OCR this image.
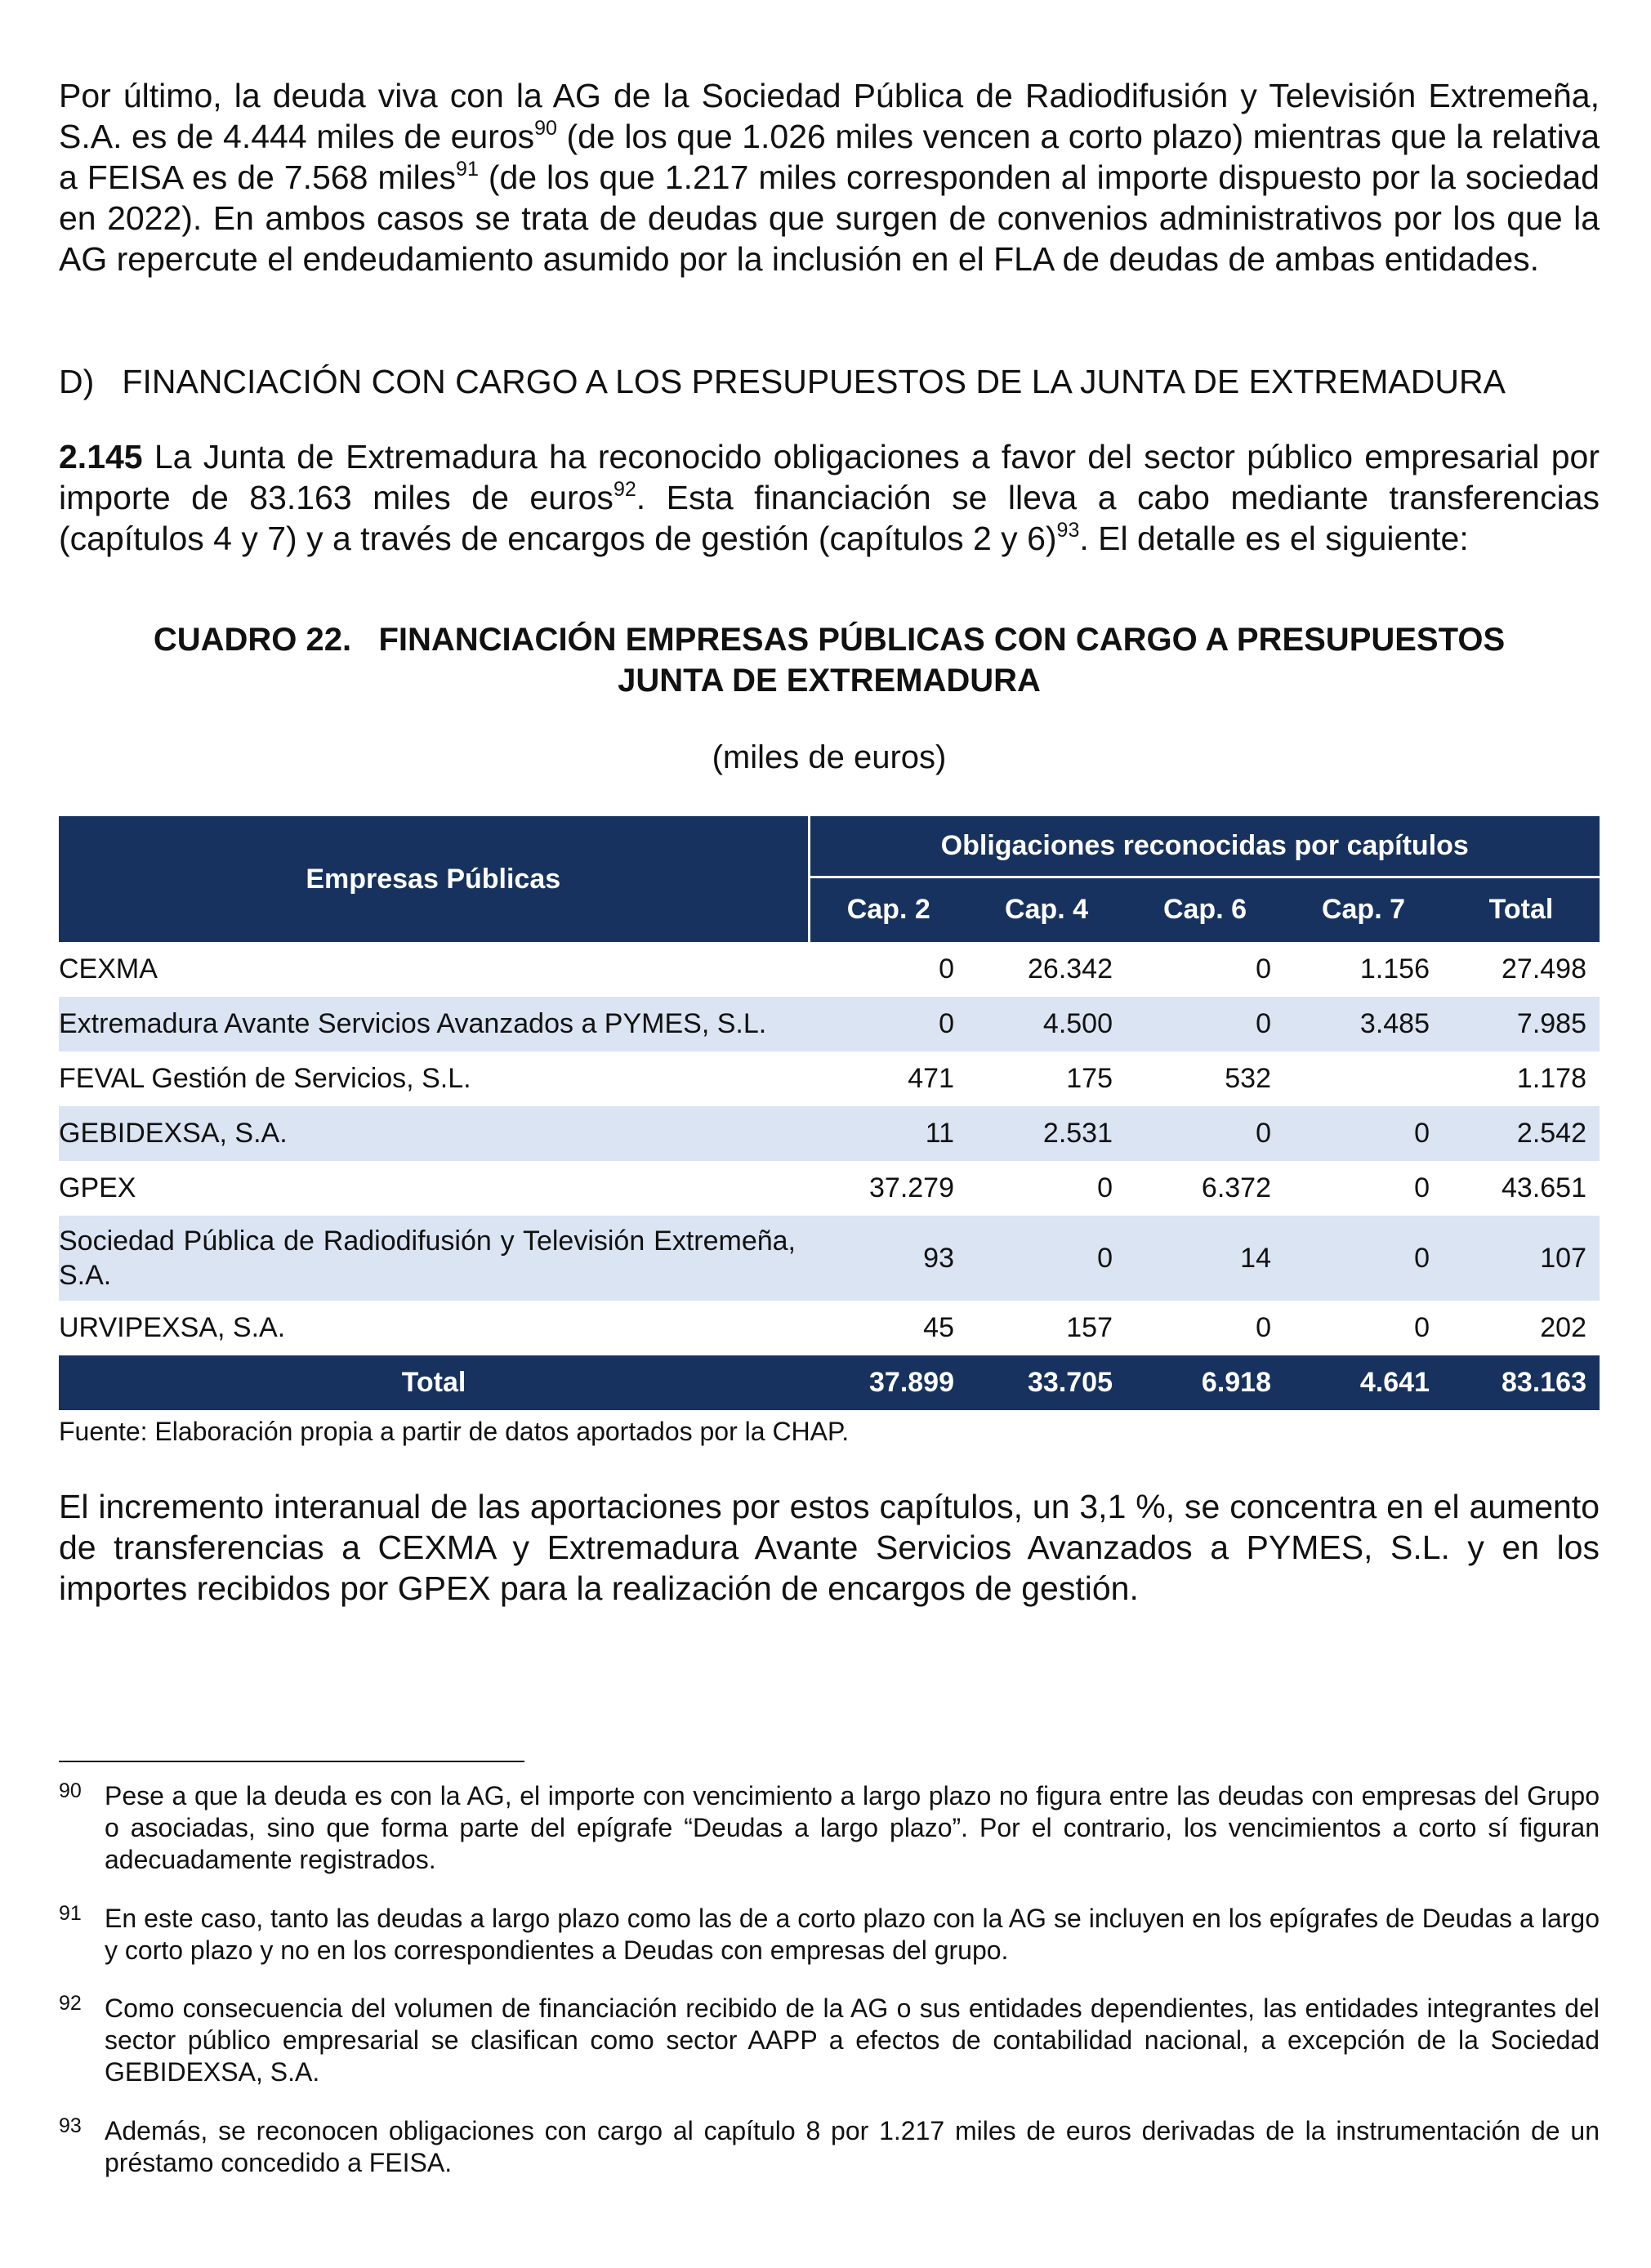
Por último, la deuda viva con la AG de la Sociedad Pública de Radiodifusión y Televisión Extremeña, S.A. es de 4.444 miles de euros$^{90}$ (de los que 1.026 miles vencen a corto plazo) mientras que la relativa a FEISA es de 7.568 miles$^{91}$ (de los que 1.217 miles corresponden al importe dispuesto por la sociedad en 2022). En ambos casos se trata de deudas que surgen de convenios administrativos por los que la AG repercute el endeudamiento asumido por la inclusión en el FLA de deudas de ambas entidades.

D)   FINANCIACIÓN CON CARGO A LOS PRESUPUESTOS DE LA JUNTA DE EXTREMADURA

2.145 La Junta de Extremadura ha reconocido obligaciones a favor del sector público empresarial por importe de 83.163 miles de euros$^{92}$. Esta financiación se lleva a cabo mediante transferencias (capítulos 4 y 7) y a través de encargos de gestión (capítulos 2 y 6)$^{93}$. El detalle es el siguiente:

CUADRO 22.   FINANCIACIÓN EMPRESAS PÚBLICAS CON CARGO A PRESUPUESTOS

JUNTA DE EXTREMADURA

(miles de euros)

Empresas Públicas	Obligaciones reconocidas por capítulos				
	Cap. 2	Cap. 4	Cap. 6	Cap. 7	Total
CEXMA	0	26.342	0	1.156	27.498
Extremadura Avante Servicios Avanzados a PYMES, S.L.	0	4.500	0	3.485	7.985
FEVAL Gestión de Servicios, S.L.	471	175	532		1.178
GEBIDEXSA, S.A.	11	2.531	0	0	2.542
GPEX	37.279	0	6.372	0	43.651

Sociedad Pública de Radiodifusión y Televisión Extremeña, S.A.	93	0	14	0	107
URVIPEXSA, S.A.	45	157	0	0	202
Total	37.899	33.705	6.918	4.641	83.163

Fuente: Elaboración propia a partir de datos aportados por la CHAP.

El incremento interanual de las aportaciones por estos capítulos, un 3,1 %, se concentra en el aumento de transferencias a CEXMA y Extremadura Avante Servicios Avanzados a PYMES, S.L. y en los importes recibidos por GPEX para la realización de encargos de gestión.

90 Pese a que la deuda es con la AG, el importe con vencimiento a largo plazo no figura entre las deudas con empresas del Grupo o asociadas, sino que forma parte del epígrafe “Deudas a largo plazo”. Por el contrario, los vencimientos a corto sí figuran adecuadamente registrados.
91 En este caso, tanto las deudas a largo plazo como las de a corto plazo con la AG se incluyen en los epígrafes de Deudas a largo y corto plazo y no en los correspondientes a Deudas con empresas del grupo.
92 Como consecuencia del volumen de financiación recibido de la AG o sus entidades dependientes, las entidades integrantes del sector público empresarial se clasifican como sector AAPP a efectos de contabilidad nacional, a excepción de la Sociedad GEBIDEXSA, S.A.
93 Además, se reconocen obligaciones con cargo al capítulo 8 por 1.217 miles de euros derivadas de la instrumentación de un préstamo concedido a FEISA.
